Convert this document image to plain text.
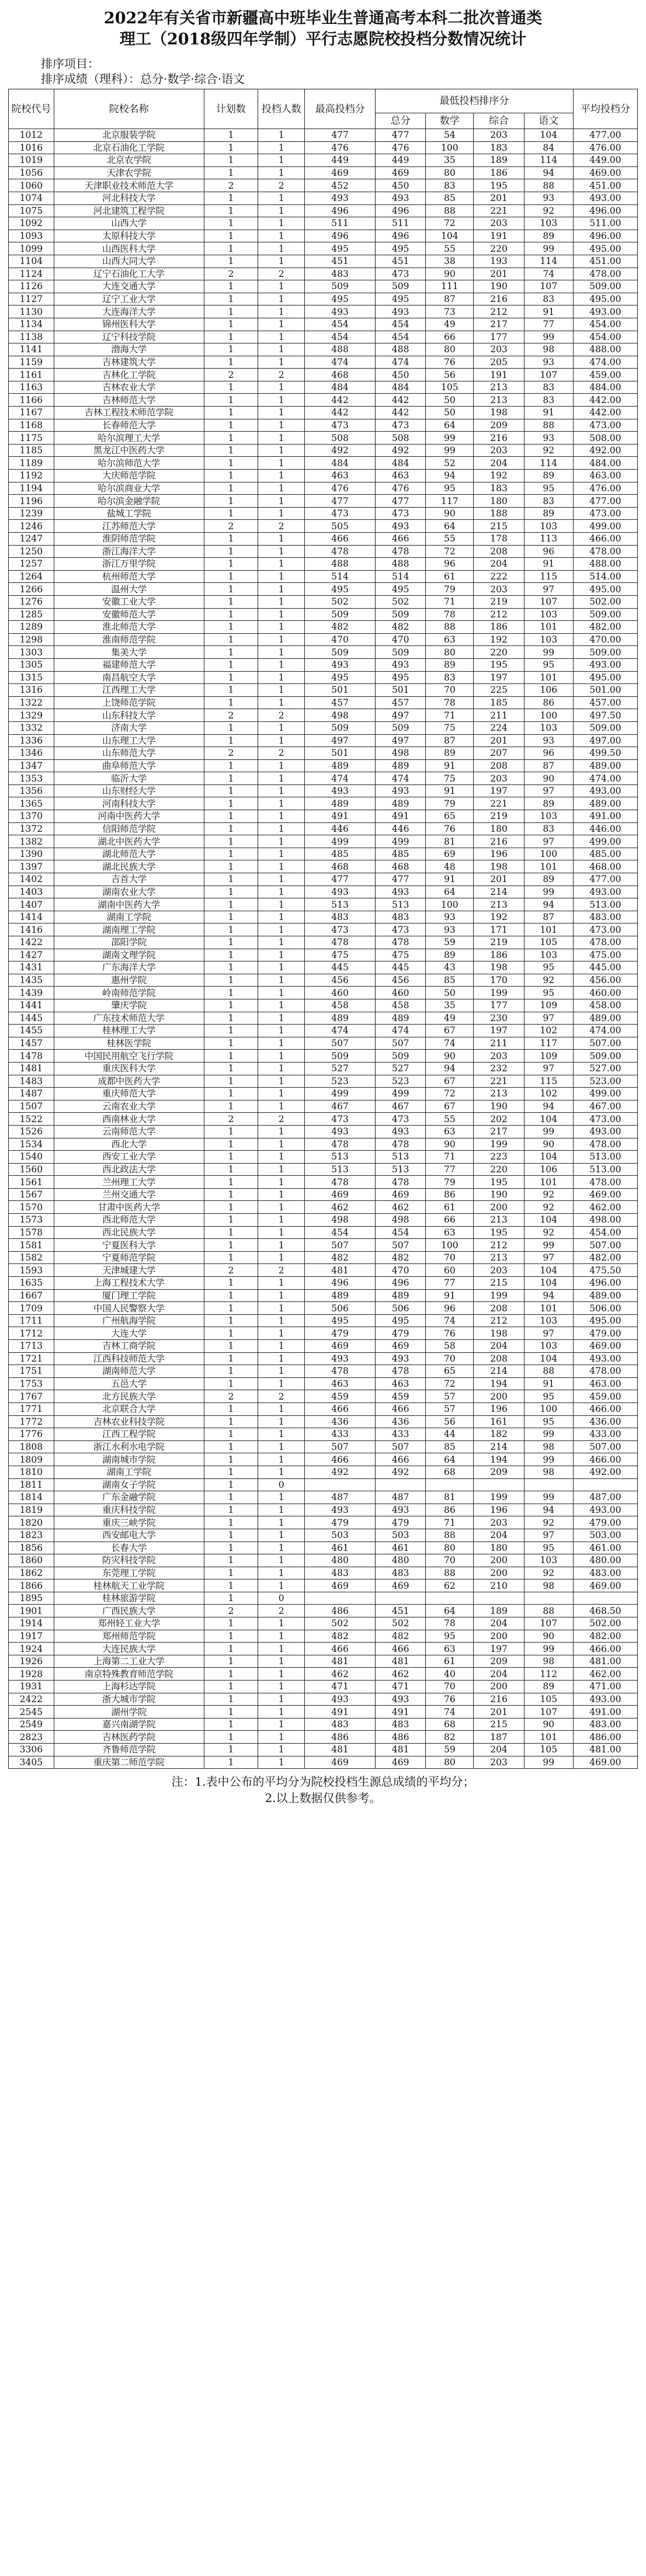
2022年有关省市新疆高中班毕业生普通高考本科二批次普通类
理工（2018级四年学制）平行志愿院校投档分数情况统计
排序项目：
排序成绩（理科）：总分·数学·综合·语文
院校代号	院校名称	计划数	投档人数	最高投档分	最低投档排序分				平均投档分
					总分	数学	综合	语文	
1012	北京服装学院	1	1	477	477	54	203	104	477.00
1016	北京石油化工学院	1	1	476	476	100	183	84	476.00
1019	北京农学院	1	1	449	449	35	189	114	449.00
1056	天津农学院	1	1	469	469	80	186	94	469.00
1060	天津职业技术师范大学	2	2	452	450	83	195	88	451.00
1074	河北科技大学	1	1	493	493	85	201	93	493.00
1075	河北建筑工程学院	1	1	496	496	88	221	92	496.00
1092	山西大学	1	1	511	511	72	203	103	511.00
1093	太原科技大学	1	1	496	496	104	191	89	496.00
1099	山西医科大学	1	1	495	495	55	220	99	495.00
1104	山西大同大学	1	1	451	451	38	193	114	451.00
1124	辽宁石油化工大学	2	2	483	473	90	201	74	478.00
1126	大连交通大学	1	1	509	509	111	190	107	509.00
1127	辽宁工业大学	1	1	495	495	87	216	83	495.00
1130	大连海洋大学	1	1	493	493	73	212	91	493.00
1134	锦州医科大学	1	1	454	454	49	217	77	454.00
1138	辽宁科技学院	1	1	454	454	66	177	99	454.00
1141	渤海大学	1	1	488	488	80	203	98	488.00
1159	吉林建筑大学	1	1	474	474	76	205	93	474.00
1161	吉林化工学院	2	2	468	450	56	191	107	459.00
1163	吉林农业大学	1	1	484	484	105	213	83	484.00
1166	吉林师范大学	1	1	442	442	50	213	83	442.00
1167	吉林工程技术师范学院	1	1	442	442	50	198	91	442.00
1168	长春师范大学	1	1	473	473	64	209	88	473.00
1175	哈尔滨理工大学	1	1	508	508	99	216	93	508.00
1185	黑龙江中医药大学	1	1	492	492	99	203	92	492.00
1189	哈尔滨师范大学	1	1	484	484	52	204	114	484.00
1192	大庆师范学院	1	1	463	463	94	192	89	463.00
1194	哈尔滨商业大学	1	1	476	476	95	183	95	476.00
1196	哈尔滨金融学院	1	1	477	477	117	180	83	477.00
1239	盐城工学院	1	1	473	473	90	188	89	473.00
1246	江苏师范大学	2	2	505	493	64	215	103	499.00
1247	淮阴师范学院	1	1	466	466	55	178	113	466.00
1250	浙江海洋大学	1	1	478	478	72	208	96	478.00
1257	浙江万里学院	1	1	488	488	96	204	91	488.00
1264	杭州师范大学	1	1	514	514	61	222	115	514.00
1266	温州大学	1	1	495	495	79	203	97	495.00
1276	安徽工业大学	1	1	502	502	71	219	107	502.00
1285	安徽师范大学	1	1	509	509	78	212	103	509.00
1289	淮北师范大学	1	1	482	482	88	186	101	482.00
1298	淮南师范学院	1	1	470	470	63	192	103	470.00
1303	集美大学	1	1	509	509	80	220	99	509.00
1305	福建师范大学	1	1	493	493	89	195	95	493.00
1315	南昌航空大学	1	1	495	495	83	197	101	495.00
1316	江西理工大学	1	1	501	501	70	225	106	501.00
1322	上饶师范学院	1	1	457	457	78	185	86	457.00
1329	山东科技大学	2	2	498	497	71	211	100	497.50
1332	济南大学	1	1	509	509	75	224	103	509.00
1336	山东理工大学	1	1	497	497	87	201	93	497.00
1346	山东师范大学	2	2	501	498	89	207	96	499.50
1347	曲阜师范大学	1	1	489	489	91	208	87	489.00
1353	临沂大学	1	1	474	474	75	203	90	474.00
1356	山东财经大学	1	1	493	493	91	197	97	493.00
1365	河南科技大学	1	1	489	489	79	221	89	489.00
1370	河南中医药大学	1	1	491	491	65	219	103	491.00
1372	信阳师范学院	1	1	446	446	76	180	83	446.00
1382	湖北中医药大学	1	1	499	499	81	216	97	499.00
1390	湖北师范大学	1	1	485	485	69	196	100	485.00
1397	湖北民族大学	1	1	468	468	48	198	101	468.00
1402	吉首大学	1	1	477	477	91	201	89	477.00
1403	湖南农业大学	1	1	493	493	64	214	99	493.00
1407	湖南中医药大学	1	1	513	513	100	213	94	513.00
1414	湖南工学院	1	1	483	483	93	192	87	483.00
1416	湖南理工学院	1	1	473	473	93	171	101	473.00
1422	邵阳学院	1	1	478	478	59	219	105	478.00
1427	湖南文理学院	1	1	475	475	89	186	103	475.00
1431	广东海洋大学	1	1	445	445	43	198	95	445.00
1435	惠州学院	1	1	456	456	85	170	92	456.00
1439	岭南师范学院	1	1	460	460	50	199	95	460.00
1441	肇庆学院	1	1	458	458	35	177	109	458.00
1445	广东技术师范大学	1	1	489	489	49	230	97	489.00
1455	桂林理工大学	1	1	474	474	67	197	102	474.00
1457	桂林医学院	1	1	507	507	74	211	117	507.00
1478	中国民用航空飞行学院	1	1	509	509	90	203	109	509.00
1481	重庆医科大学	1	1	527	527	94	232	97	527.00
1483	成都中医药大学	1	1	523	523	67	221	115	523.00
1487	重庆师范大学	1	1	499	499	72	213	102	499.00
1507	云南农业大学	1	1	467	467	67	190	94	467.00
1522	西南林业大学	2	2	473	473	55	202	104	473.00
1526	云南师范大学	1	1	493	493	63	217	99	493.00
1534	西北大学	1	1	478	478	90	199	90	478.00
1540	西安工业大学	1	1	513	513	71	223	104	513.00
1560	西北政法大学	1	1	513	513	77	220	106	513.00
1561	兰州理工大学	1	1	478	478	79	195	101	478.00
1567	兰州交通大学	1	1	469	469	86	190	92	469.00
1570	甘肃中医药大学	1	1	462	462	61	200	92	462.00
1573	西北师范大学	1	1	498	498	66	213	104	498.00
1578	西北民族大学	1	1	454	454	63	195	92	454.00
1581	宁夏医科大学	1	1	507	507	100	212	99	507.00
1582	宁夏师范学院	1	1	482	482	70	213	97	482.00
1593	天津城建大学	2	2	481	470	60	203	104	475.50
1635	上海工程技术大学	1	1	496	496	77	215	104	496.00
1667	厦门理工学院	1	1	489	489	91	199	94	489.00
1709	中国人民警察大学	1	1	506	506	96	208	101	506.00
1711	广州航海学院	1	1	495	495	74	212	103	495.00
1712	大连大学	1	1	479	479	76	198	97	479.00
1713	吉林工商学院	1	1	469	469	58	204	103	469.00
1721	江西科技师范大学	1	1	493	493	70	208	104	493.00
1751	湖南师范大学	1	1	478	478	65	214	88	478.00
1753	五邑大学	1	1	463	463	72	194	91	463.00
1767	北方民族大学	2	2	459	459	57	200	95	459.00
1771	北京联合大学	1	1	466	466	57	196	100	466.00
1772	吉林农业科技学院	1	1	436	436	56	161	95	436.00
1776	江西工程学院	1	1	433	433	44	182	99	433.00
1808	浙江水利水电学院	1	1	507	507	85	214	98	507.00
1809	湖南城市学院	1	1	466	466	64	194	99	466.00
1810	湖南工学院	1	1	492	492	68	209	98	492.00
1811	湖南女子学院	1	0						
1814	广东金融学院	1	1	487	487	81	199	99	487.00
1819	重庆科技学院	1	1	493	493	86	196	94	493.00
1820	重庆三峡学院	1	1	479	479	71	203	92	479.00
1823	西安邮电大学	1	1	503	503	88	204	97	503.00
1856	长春大学	1	1	461	461	80	180	95	461.00
1860	防灾科技学院	1	1	480	480	70	200	103	480.00
1862	东莞理工学院	1	1	483	483	88	200	92	483.00
1866	桂林航天工业学院	1	1	469	469	62	210	98	469.00
1895	桂林旅游学院	1	0						
1901	广西民族大学	2	2	486	451	64	189	88	468.50
1914	郑州轻工业大学	1	1	502	502	78	204	107	502.00
1917	郑州师范学院	1	1	482	482	95	200	90	482.00
1924	大连民族大学	1	1	466	466	63	197	99	466.00
1926	上海第二工业大学	1	1	481	481	61	209	98	481.00
1928	南京特殊教育师范学院	1	1	462	462	40	204	112	462.00
1931	上海杉达学院	1	1	471	471	70	200	89	471.00
2422	浙大城市学院	1	1	493	493	76	216	105	493.00
2545	湖州学院	1	1	491	491	74	201	107	491.00
2549	嘉兴南湖学院	1	1	483	483	68	215	90	483.00
2823	吉林医药学院	1	1	486	486	82	187	101	486.00
3306	齐鲁师范学院	1	1	481	481	59	204	105	481.00
3405	重庆第二师范学院	1	1	469	469	80	203	99	469.00
注：1.表中公布的平均分为院校投档生源总成绩的平均分；
2.以上数据仅供参考。
